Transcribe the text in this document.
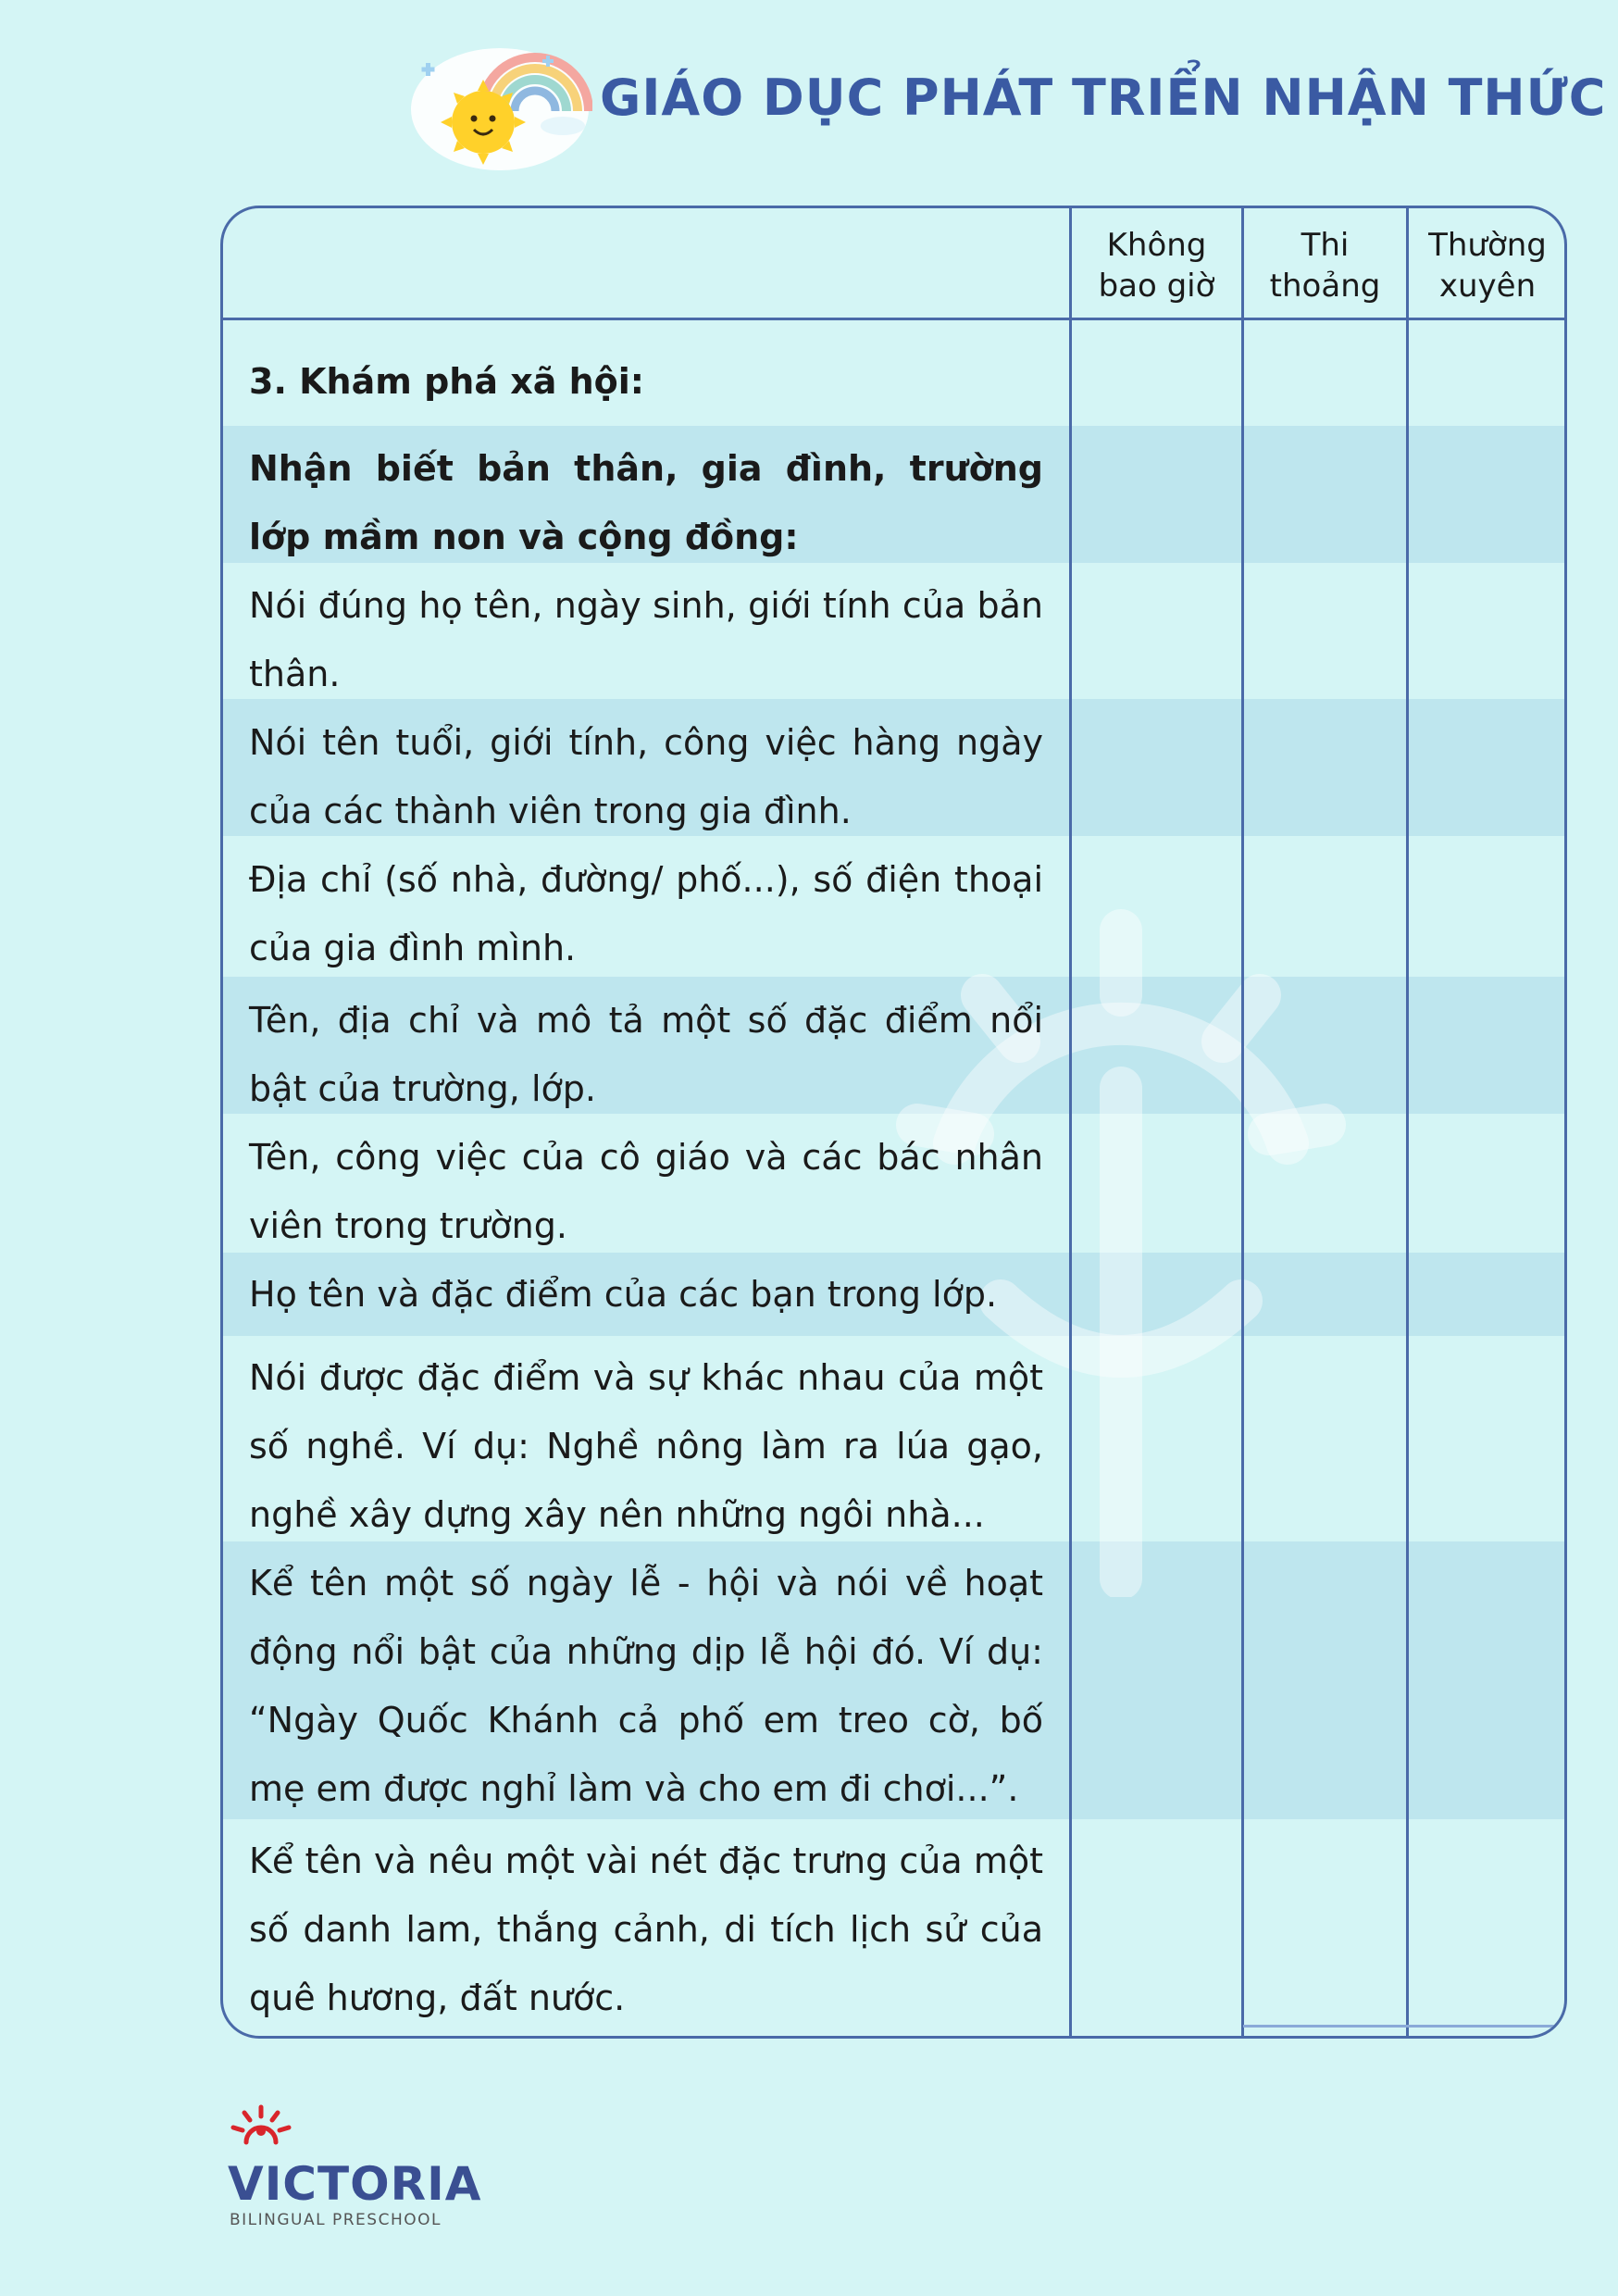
GIÁO DỤC PHÁT TRIỂN NHẬN THỨC
Không
bao giờ
Thi
thoảng
Thường
xuyên
3. Khám phá xã hội:
Nhận biết bản thân, gia đình, trường lớp mầm non và cộng đồng:
Nói đúng họ tên, ngày sinh, giới tính của bản thân.
Nói tên tuổi, giới tính, công việc hàng ngày của các thành viên trong gia đình.
Địa chỉ (số nhà, đường/ phố...), số điện thoại của gia đình mình.
Tên, địa chỉ và mô tả một số đặc điểm nổi bật của trường, lớp.
Tên, công việc của cô giáo và các bác nhân viên trong trường.
Họ tên và đặc điểm của các bạn trong lớp.
Nói được đặc điểm và sự khác nhau của một số nghề. Ví dụ: Nghề nông làm ra lúa gạo, nghề xây dựng xây nên những ngôi nhà...
Kể tên một số ngày lễ - hội và nói về hoạt động nổi bật của những dịp lễ hội đó. Ví dụ: “Ngày Quốc Khánh cả phố em treo cờ, bố mẹ em được nghỉ làm và cho em đi chơi...”.
Kể tên và nêu một vài nét đặc trưng của một số danh lam, thắng cảnh, di tích lịch sử của quê hương, đất nước.
VICTORIA
BILINGUAL PRESCHOOL
